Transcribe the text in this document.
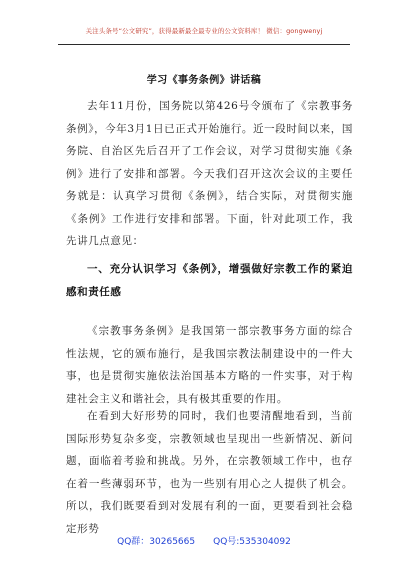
关注头条号“公文研究”，获得最新最全最专业的公文资料库！ 微信：gongwenyj
学习《事务条例》讲话稿
去年11月份，国务院以第426号令颁布了《宗教事务条例》，今年3月1日已正式开始施行。近一段时间以来，国务院、自治区先后召开了工作会议，对学习贯彻实施《条例》进行了安排和部署。今天我们召开这次会议的主要任务就是：认真学习贯彻《条例》，结合实际，对贯彻实施《条例》工作进行安排和部署。下面，针对此项工作，我先讲几点意见：
一、充分认识学习《条例》，增强做好宗教工作的紧迫感和责任感
《宗教事务条例》是我国第一部宗教事务方面的综合性法规，它的颁布施行，是我国宗教法制建设中的一件大事，也是贯彻实施依法治国基本方略的一件实事，对于构建社会主义和谐社会，具有极其重要的作用。
在看到大好形势的同时，我们也要清醒地看到，当前国际形势复杂多变，宗教领域也呈现出一些新情况、新问题，面临着考验和挑战。另外，在宗教领域工作中，也存在着一些薄弱环节，也为一些别有用心之人提供了机会。所以，我们既要看到对发展有利的一面，更要看到社会稳定形势
QQ群：30265665 QQ号:535304092
